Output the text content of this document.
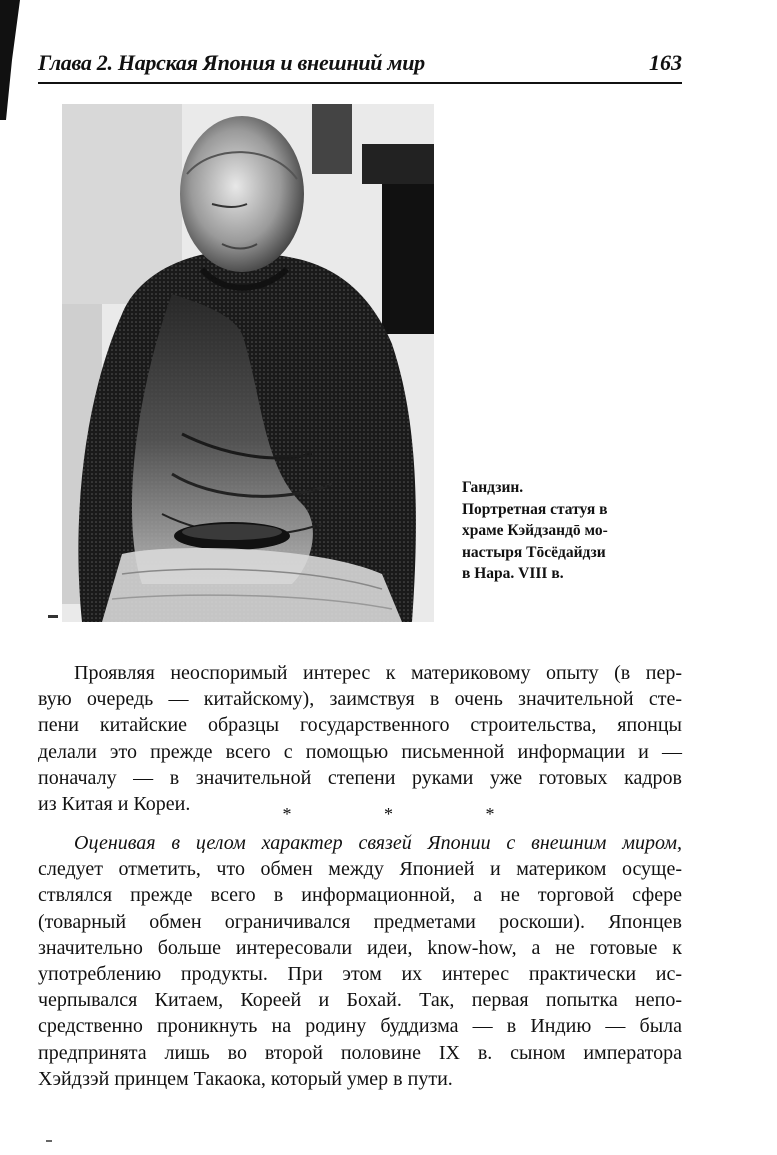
Глава 2. Нарская Япония и внешний мир	163
Гандзин.
Портретная статуя в
храме Кэйдзандō мо-
настыря Тōсёдайдзи
в Нара. VIII в.
Проявляя неоспоримый интерес к материковому опыту (в пер-
вую очередь — китайскому), заимствуя в очень значительной сте-
пени китайские образцы государственного строительства, японцы
делали это прежде всего с помощью письменной информации и —
поначалу — в значительной степени руками уже готовых кадров
из Китая и Кореи.	* * *
Оценивая в целом характер связей Японии с внешним миром,
следует отметить, что обмен между Японией и материком осуще-
ствлялся прежде всего в информационной, а не торговой сфере
(товарный обмен ограничивался предметами роскоши). Японцев
значительно больше интересовали идеи, know-how, а не готовые к
употреблению продукты. При этом их интерес практически ис-
черпывался Китаем, Кореей и Бохай. Так, первая попытка непо-
средственно проникнуть на родину буддизма — в Индию — была
предпринята лишь во второй половине IX в. сыном императора
Хэйдзэй принцем Такаока, который умер в пути.
